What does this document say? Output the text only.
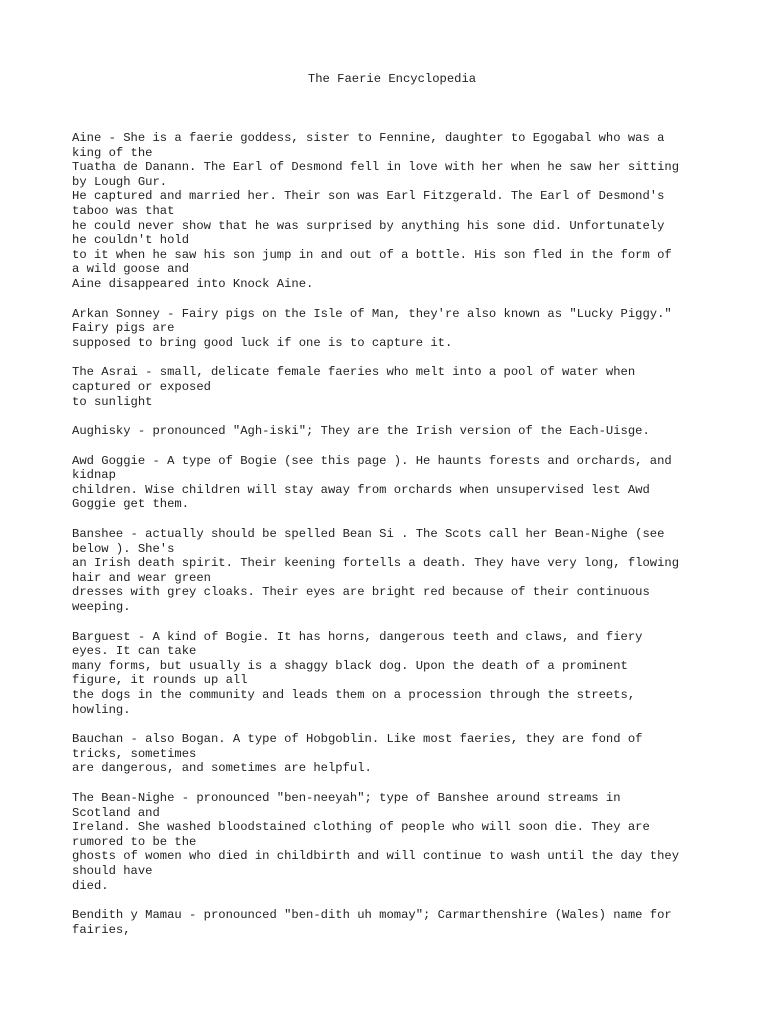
The Faerie Encyclopedia
Aine - She is a faerie goddess, sister to Fennine, daughter to Egogabal who was a
king of the
Tuatha de Danann. The Earl of Desmond fell in love with her when he saw her sitting
by Lough Gur.
He captured and married her. Their son was Earl Fitzgerald. The Earl of Desmond's
taboo was that
he could never show that he was surprised by anything his sone did. Unfortunately
he couldn't hold
to it when he saw his son jump in and out of a bottle. His son fled in the form of
a wild goose and
Aine disappeared into Knock Aine.
Arkan Sonney - Fairy pigs on the Isle of Man, they're also known as "Lucky Piggy."
Fairy pigs are
supposed to bring good luck if one is to capture it.
The Asrai - small, delicate female faeries who melt into a pool of water when
captured or exposed
to sunlight
Aughisky - pronounced "Agh-iski"; They are the Irish version of the Each-Uisge.
Awd Goggie - A type of Bogie (see this page ). He haunts forests and orchards, and
kidnap
children. Wise children will stay away from orchards when unsupervised lest Awd
Goggie get them.
Banshee - actually should be spelled Bean Si . The Scots call her Bean-Nighe (see
below ). She's
an Irish death spirit. Their keening fortells a death. They have very long, flowing
hair and wear green
dresses with grey cloaks. Their eyes are bright red because of their continuous
weeping.
Barguest - A kind of Bogie. It has horns, dangerous teeth and claws, and fiery
eyes. It can take
many forms, but usually is a shaggy black dog. Upon the death of a prominent
figure, it rounds up all
the dogs in the community and leads them on a procession through the streets,
howling.
Bauchan - also Bogan. A type of Hobgoblin. Like most faeries, they are fond of
tricks, sometimes
are dangerous, and sometimes are helpful.
The Bean-Nighe - pronounced "ben-neeyah"; type of Banshee around streams in
Scotland and
Ireland. She washed bloodstained clothing of people who will soon die. They are
rumored to be the
ghosts of women who died in childbirth and will continue to wash until the day they
should have
died.
Bendith y Mamau - pronounced "ben-dith uh momay"; Carmarthenshire (Wales) name for
fairies,
